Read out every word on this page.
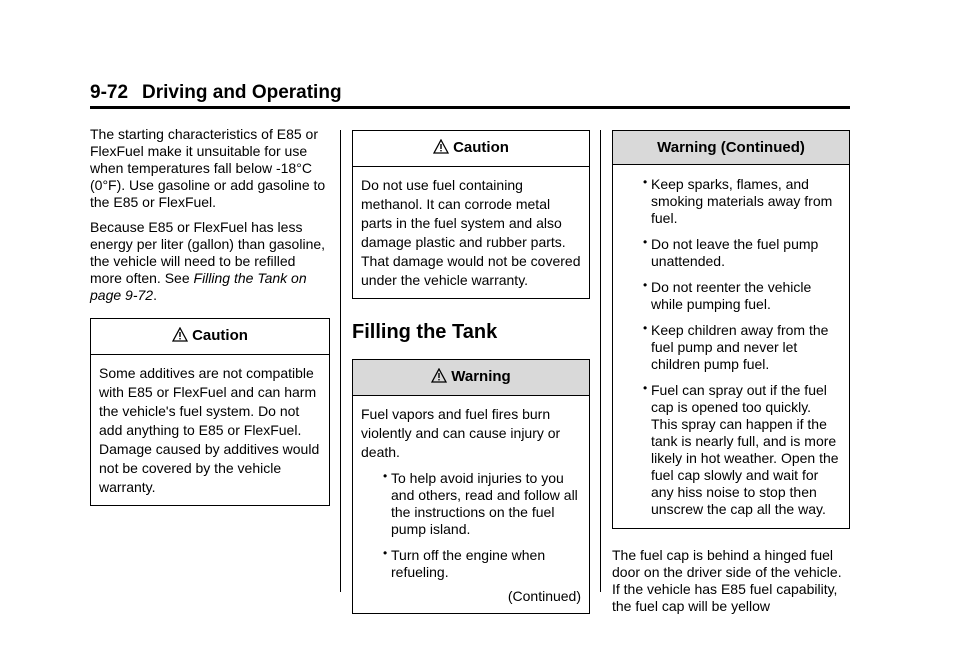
9-72 Driving and Operating

The starting characteristics of E85 or FlexFuel make it unsuitable for use when temperatures fall below -18°C (0°F). Use gasoline or add gasoline to the E85 or FlexFuel.

Because E85 or FlexFuel has less energy per liter (gallon) than gasoline, the vehicle will need to be refilled more often. See Filling the Tank on page 9-72.

Caution
Some additives are not compatible with E85 or FlexFuel and can harm the vehicle's fuel system. Do not add anything to E85 or FlexFuel. Damage caused by additives would not be covered by the vehicle warranty.
Caution
Do not use fuel containing methanol. It can corrode metal parts in the fuel system and also damage plastic and rubber parts. That damage would not be covered under the vehicle warranty.
Filling the Tank
Warning

Fuel vapors and fuel fires burn violently and can cause injury or death.

• To help avoid injuries to you and others, read and follow all the instructions on the fuel pump island.
• Turn off the engine when refueling.
(Continued)
Warning (Continued)
• Keep sparks, flames, and smoking materials away from fuel.
• Do not leave the fuel pump unattended.
• Do not reenter the vehicle while pumping fuel.
• Keep children away from the fuel pump and never let children pump fuel.
• Fuel can spray out if the fuel cap is opened too quickly. This spray can happen if the tank is nearly full, and is more likely in hot weather. Open the fuel cap slowly and wait for any hiss noise to stop then unscrew the cap all the way.

The fuel cap is behind a hinged fuel door on the driver side of the vehicle. If the vehicle has E85 fuel capability, the fuel cap will be yellow
